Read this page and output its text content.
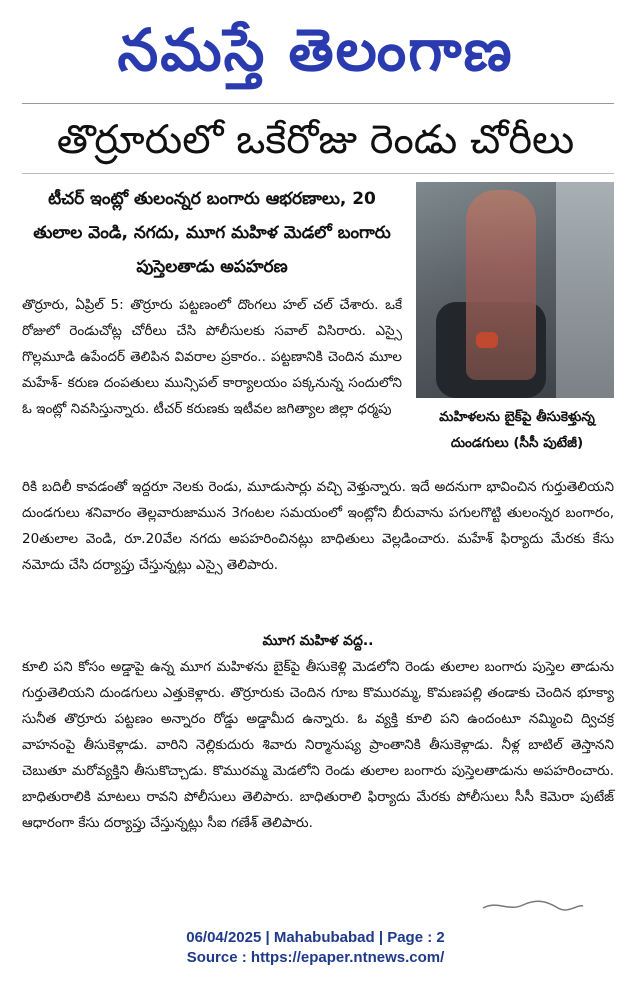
నమస్తే తెలంగాణ
తొర్రూరులో ఒకేరోజు రెండు చోరీలు
టీచర్ ఇంట్లో తులంన్నర బంగారు ఆభరణాలు, 20 తులాల వెండి, నగదు, మూగ మహిళ మెడలో బంగారు పుస్తెలతాడు అపహరణ
మహిళలను బైక్‌పై తీసుకెళ్తున్న దుండగులు (సీసీ పుటేజీ)
తొర్రూరు, ఏప్రిల్ 5: తొర్రూరు పట్టణంలో దొంగలు హల్ చల్ చేశారు. ఒకే రోజులో రెండుచోట్ల చోరీలు చేసి పోలీసులకు సవాల్ విసిరారు. ఎస్సై గొల్లమూడి ఉపేందర్ తెలిపిన వివరాల ప్రకారం.. పట్టణానికి చెందిన మూల మహేశ్- కరుణ దంపతులు మున్సిపల్ కార్యాలయం పక్కనున్న సందులోని ఓ ఇంట్లో నివసిస్తున్నారు. టీచర్ కరుణకు ఇటీవల జగిత్యాల జిల్లా ధర్మపు
రికి బదిలీ కావడంతో ఇద్దరూ నెలకు రెండు, మూడుసార్లు వచ్చి వెళ్తున్నారు. ఇదే అదనుగా భావించిన గుర్తుతెలియని దుండగులు శనివారం తెల్లవారుజామున 3గంటల సమయంలో ఇంట్లోని బీరువాను పగులగొట్టి తులంన్నర బంగారం, 20తులాల వెండి, రూ.20వేల నగదు అపహరించినట్లు బాధితులు వెల్లడించారు. మహేశ్ ఫిర్యాదు మేరకు కేసు నమోదు చేసి దర్యాప్తు చేస్తున్నట్లు ఎస్సై తెలిపారు.
మూగ మహిళ వద్ద..
కూలి పని కోసం అడ్డాపై ఉన్న మూగ మహిళను బైక్‌పై తీసుకెళ్లి మెడలోని రెండు తులాల బంగారు పుస్తెల తాడును గుర్తుతెలియని దుండగులు ఎత్తుకెళ్లారు. తొర్రూరుకు చెందిన గూబ కొమురమ్మ, కొమణపల్లి తండాకు చెందిన భూక్యా సునీత తొర్రూరు పట్టణం అన్నారం రోడ్డు అడ్డామీద ఉన్నారు. ఓ వ్యక్తి కూలి పని ఉందంటూ నమ్మించి ద్విచక్ర వాహనంపై తీసుకెళ్లాడు. వారిని నెల్లికుదురు శివారు నిర్మానుష్య ప్రాంతానికి తీసుకెళ్లాడు. నీళ్ల బాటిల్ తెస్తానని చెబుతూ మరోవ్యక్తిని తీసుకొచ్చాడు. కొమురమ్మ మెడలోని రెండు తులాల బంగారు పుస్తెలతాడును అపహరించారు. బాధితురాలికి మాటలు రావని పోలీసులు తెలిపారు. బాధితురాలి ఫిర్యాదు మేరకు పోలీసులు సీసీ కెమెరా పుటేజ్ ఆధారంగా కేసు దర్యాప్తు చేస్తున్నట్లు సీఐ గణేశ్ తెలిపారు.
06/04/2025 | Mahabubabad | Page : 2
Source : https://epaper.ntnews.com/
